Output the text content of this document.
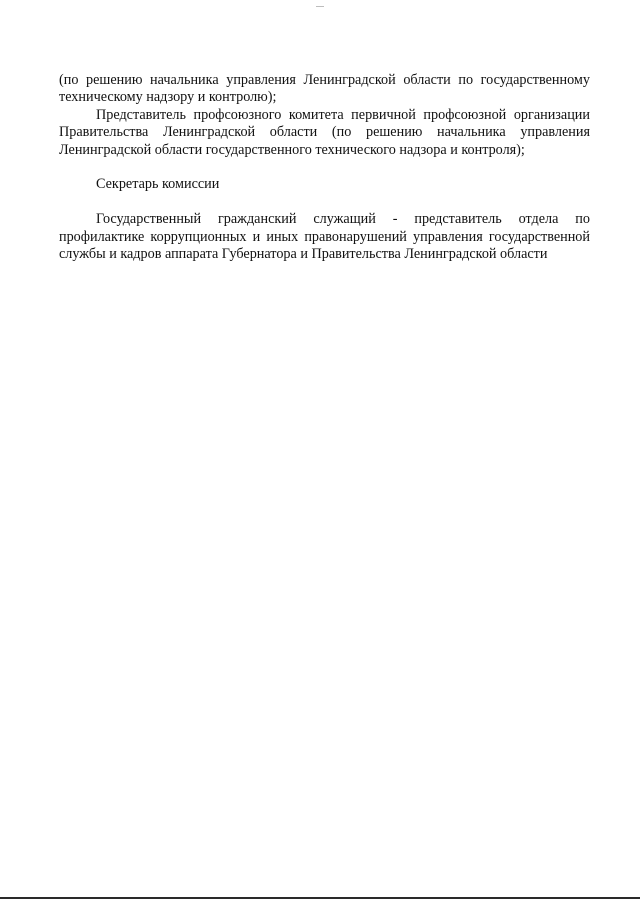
(по решению начальника управления Ленинградской области по государственному техническому надзору и контролю);

Представитель профсоюзного комитета первичной профсоюзной организации Правительства Ленинградской области (по решению начальника управления Ленинградской области государственного технического надзора и контроля);

Секретарь комиссии

Государственный гражданский служащий - представитель отдела по профилактике коррупционных и иных правонарушений управления государственной службы и кадров аппарата Губернатора и Правительства Ленинградской области
